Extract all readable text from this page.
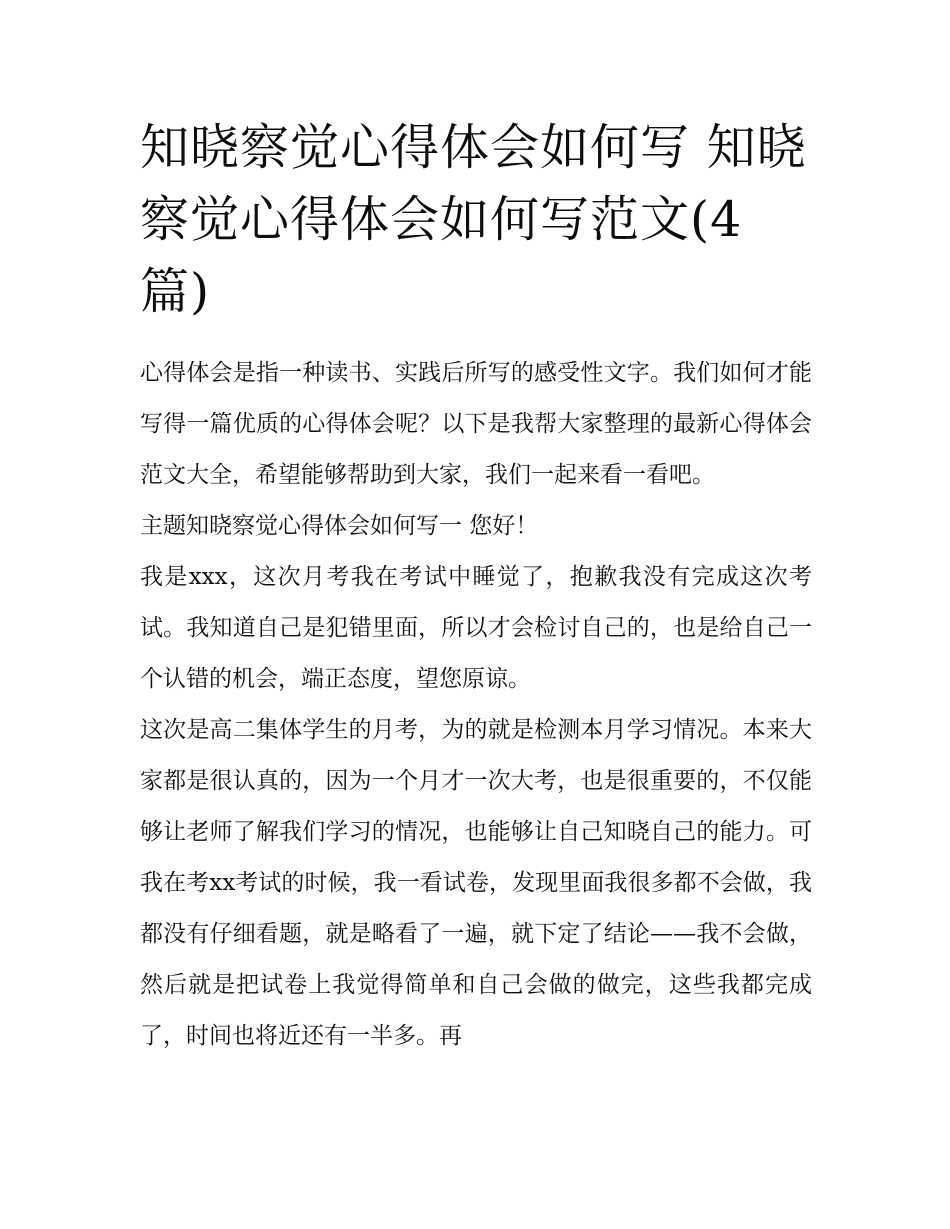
知晓察觉心得体会如何写 知晓察觉心得体会如何写范文(4篇)

心得体会是指一种读书、实践后所写的感受性文字。我们如何才能写得一篇优质的心得体会呢？以下是我帮大家整理的最新心得体会范文大全，希望能够帮助到大家，我们一起来看一看吧。

主题知晓察觉心得体会如何写一 您好！

我是xxx，这次月考我在考试中睡觉了，抱歉我没有完成这次考试。我知道自己是犯错里面，所以才会检讨自己的，也是给自己一个认错的机会，端正态度，望您原谅。

这次是高二集体学生的月考，为的就是检测本月学习情况。本来大家都是很认真的，因为一个月才一次大考，也是很重要的，不仅能够让老师了解我们学习的情况，也能够让自己知晓自己的能力。可我在考xx考试的时候，我一看试卷，发现里面我很多都不会做，我都没有仔细看题，就是略看了一遍，就下定了结论——我不会做，然后就是把试卷上我觉得简单和自己会做的做完，这些我都完成了，时间也将近还有一半多。再
